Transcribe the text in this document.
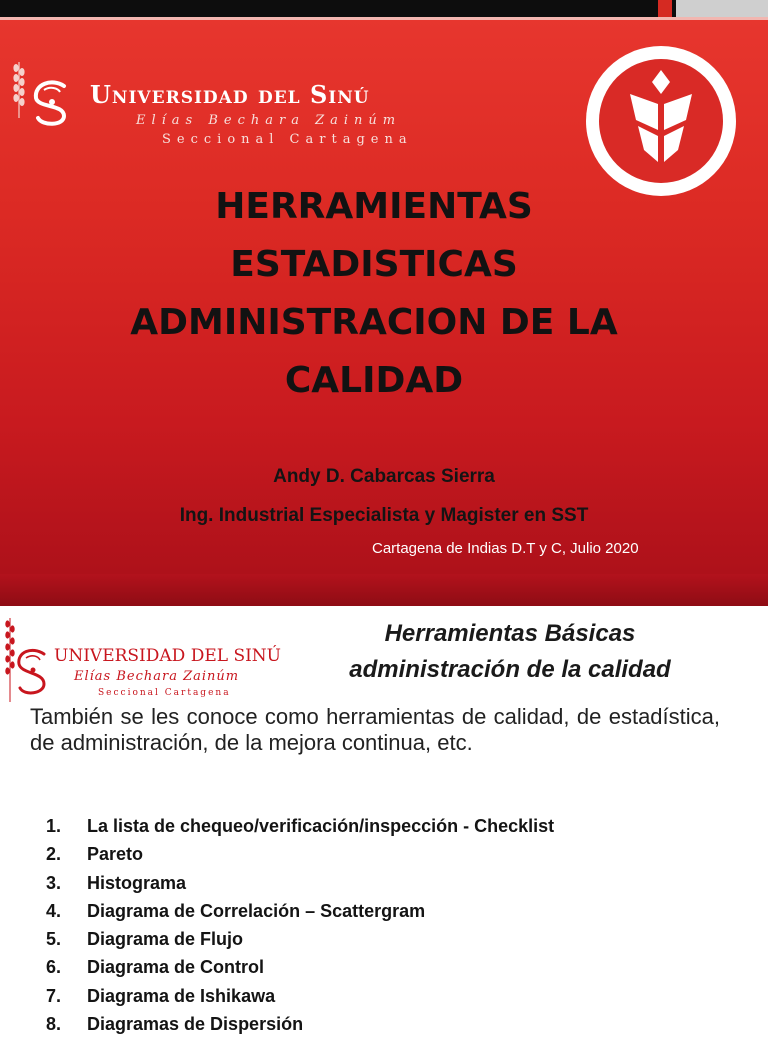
Universidad del Sinú
Elías Bechara Zainúm
Seccional Cartagena
HERRAMIENTAS
ESTADISTICAS
ADMINISTRACION DE LA
CALIDAD
Andy D. Cabarcas Sierra
Ing. Industrial Especialista y Magister en SST
Cartagena de Indias D.T y C, Julio 2020
UNIVERSIDAD DEL SINÚ
Elías Bechara Zainúm
Seccional Cartagena
Herramientas Básicas
administración de la calidad

También se les conoce como herramientas de calidad, de estadística, de administración, de la mejora continua, etc.

1. La lista de chequeo/verificación/inspección - Checklist
2. Pareto
3. Histograma
4. Diagrama de Correlación – Scattergram
5. Diagrama de Flujo
6. Diagrama de Control
7. Diagrama de Ishikawa
8. Diagramas de Dispersión
